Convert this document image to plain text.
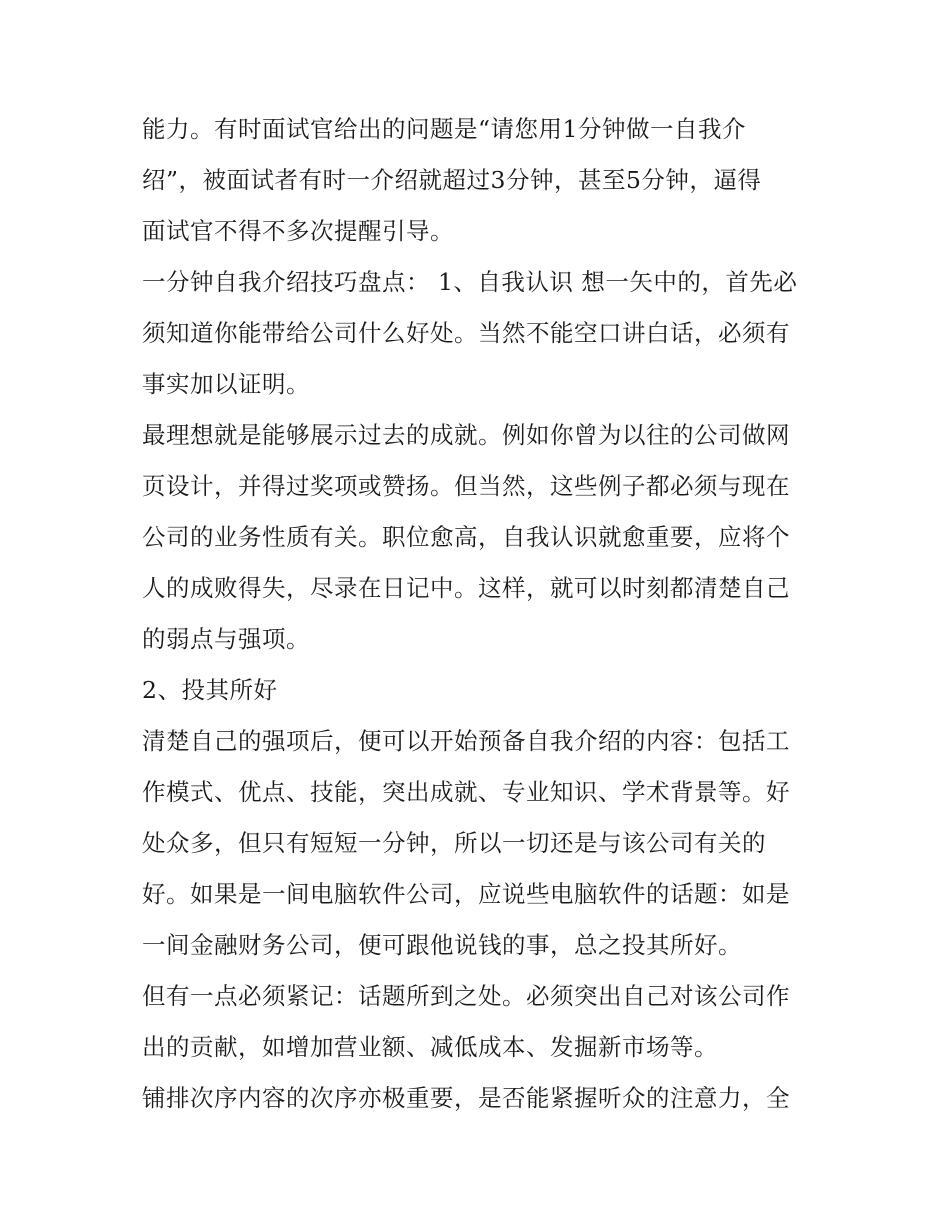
能力。有时面试官给出的问题是“请您用1分钟做一自我介
绍”，被面试者有时一介绍就超过3分钟，甚至5分钟，逼得
面试官不得不多次提醒引导。
一分钟自我介绍技巧盘点： 1、自我认识 想一矢中的，首先必
须知道你能带给公司什么好处。当然不能空口讲白话，必须有
事实加以证明。
最理想就是能够展示过去的成就。例如你曾为以往的公司做网
页设计，并得过奖项或赞扬。但当然，这些例子都必须与现在
公司的业务性质有关。职位愈高，自我认识就愈重要，应将个
人的成败得失，尽录在日记中。这样，就可以时刻都清楚自己
的弱点与强项。
2、投其所好
清楚自己的强项后，便可以开始预备自我介绍的内容：包括工
作模式、优点、技能，突出成就、专业知识、学术背景等。好
处众多，但只有短短一分钟，所以一切还是与该公司有关的
好。如果是一间电脑软件公司，应说些电脑软件的话题：如是
一间金融财务公司，便可跟他说钱的事，总之投其所好。
但有一点必须紧记：话题所到之处。必须突出自己对该公司作
出的贡献，如增加营业额、减低成本、发掘新市场等。
铺排次序内容的次序亦极重要，是否能紧握听众的注意力，全
